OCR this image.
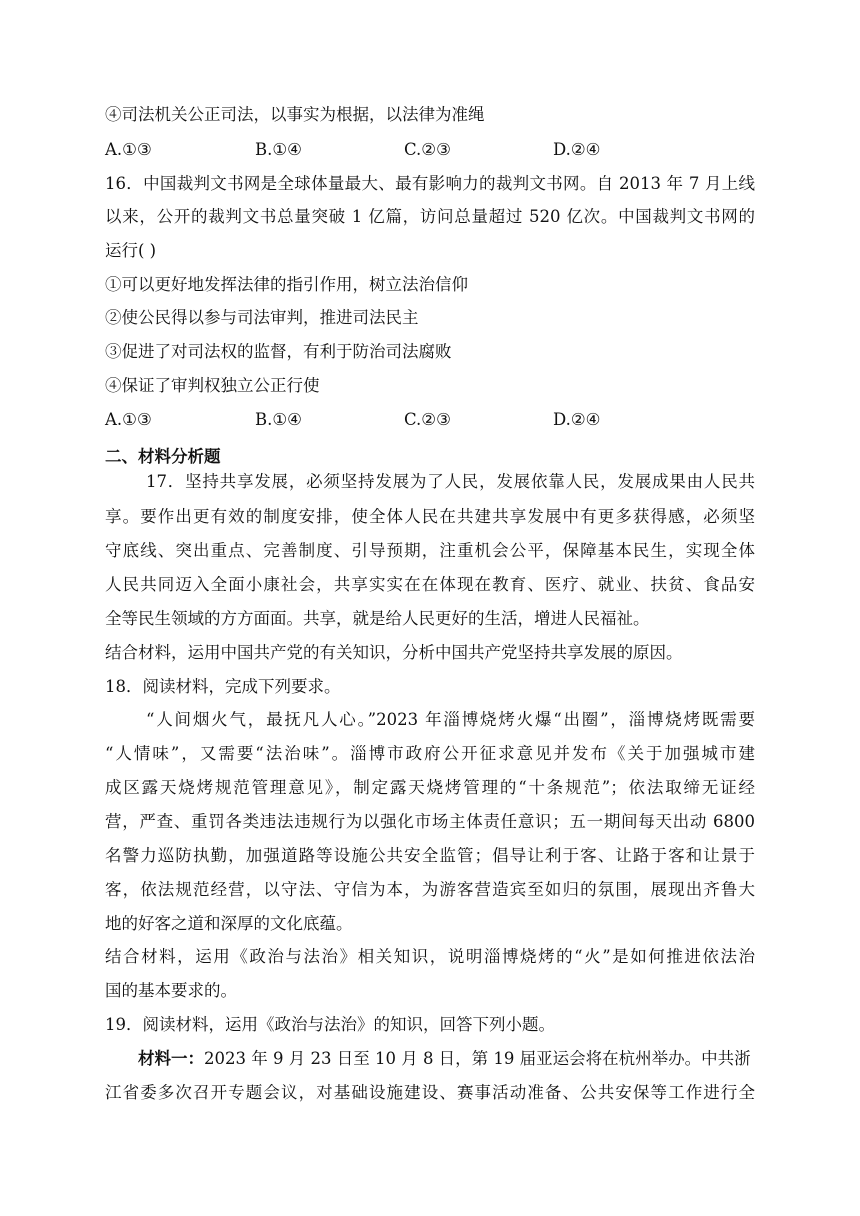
④司法机关公正司法，以事实为根据，以法律为准绳
A.①③	B.①④	C.②③	D.②④
16．中国裁判文书网是全球体量最大、最有影响力的裁判文书网。自 2013 年 7 月上线
以来，公开的裁判文书总量突破 1 亿篇，访问总量超过 520 亿次。中国裁判文书网的
运行( )
①可以更好地发挥法律的指引作用，树立法治信仰
②使公民得以参与司法审判，推进司法民主
③促进了对司法权的监督，有利于防治司法腐败
④保证了审判权独立公正行使
A.①③	B.①④	C.②③	D.②④
二、材料分析题
17．坚持共享发展，必须坚持发展为了人民，发展依靠人民，发展成果由人民共
享。要作出更有效的制度安排，使全体人民在共建共享发展中有更多获得感，必须坚
守底线、突出重点、完善制度、引导预期，注重机会公平，保障基本民生，实现全体
人民共同迈入全面小康社会，共享实实在在体现在教育、医疗、就业、扶贫、食品安
全等民生领域的方方面面。共享，就是给人民更好的生活，增进人民福祉。
结合材料，运用中国共产党的有关知识，分析中国共产党坚持共享发展的原因。
18．阅读材料，完成下列要求。
“人间烟火气，最抚凡人心。”2023 年淄博烧烤火爆“出圈”，淄博烧烤既需要
“人情味”，又需要“法治味”。淄博市政府公开征求意见并发布《关于加强城市建
成区露天烧烤规范管理意见》，制定露天烧烤管理的“十条规范”；依法取缔无证经
营，严查、重罚各类违法违规行为以强化市场主体责任意识；五一期间每天出动 6800
名警力巡防执勤，加强道路等设施公共安全监管；倡导让利于客、让路于客和让景于
客，依法规范经营，以守法、守信为本，为游客营造宾至如归的氛围，展现出齐鲁大
地的好客之道和深厚的文化底蕴。
结合材料，运用《政治与法治》相关知识，说明淄博烧烤的“火”是如何推进依法治
国的基本要求的。
19．阅读材料，运用《政治与法治》的知识，回答下列小题。
材料一：2023 年 9 月 23 日至 10 月 8 日，第 19 届亚运会将在杭州举办。中共浙
江省委多次召开专题会议，对基础设施建设、赛事活动准备、公共安保等工作进行全
